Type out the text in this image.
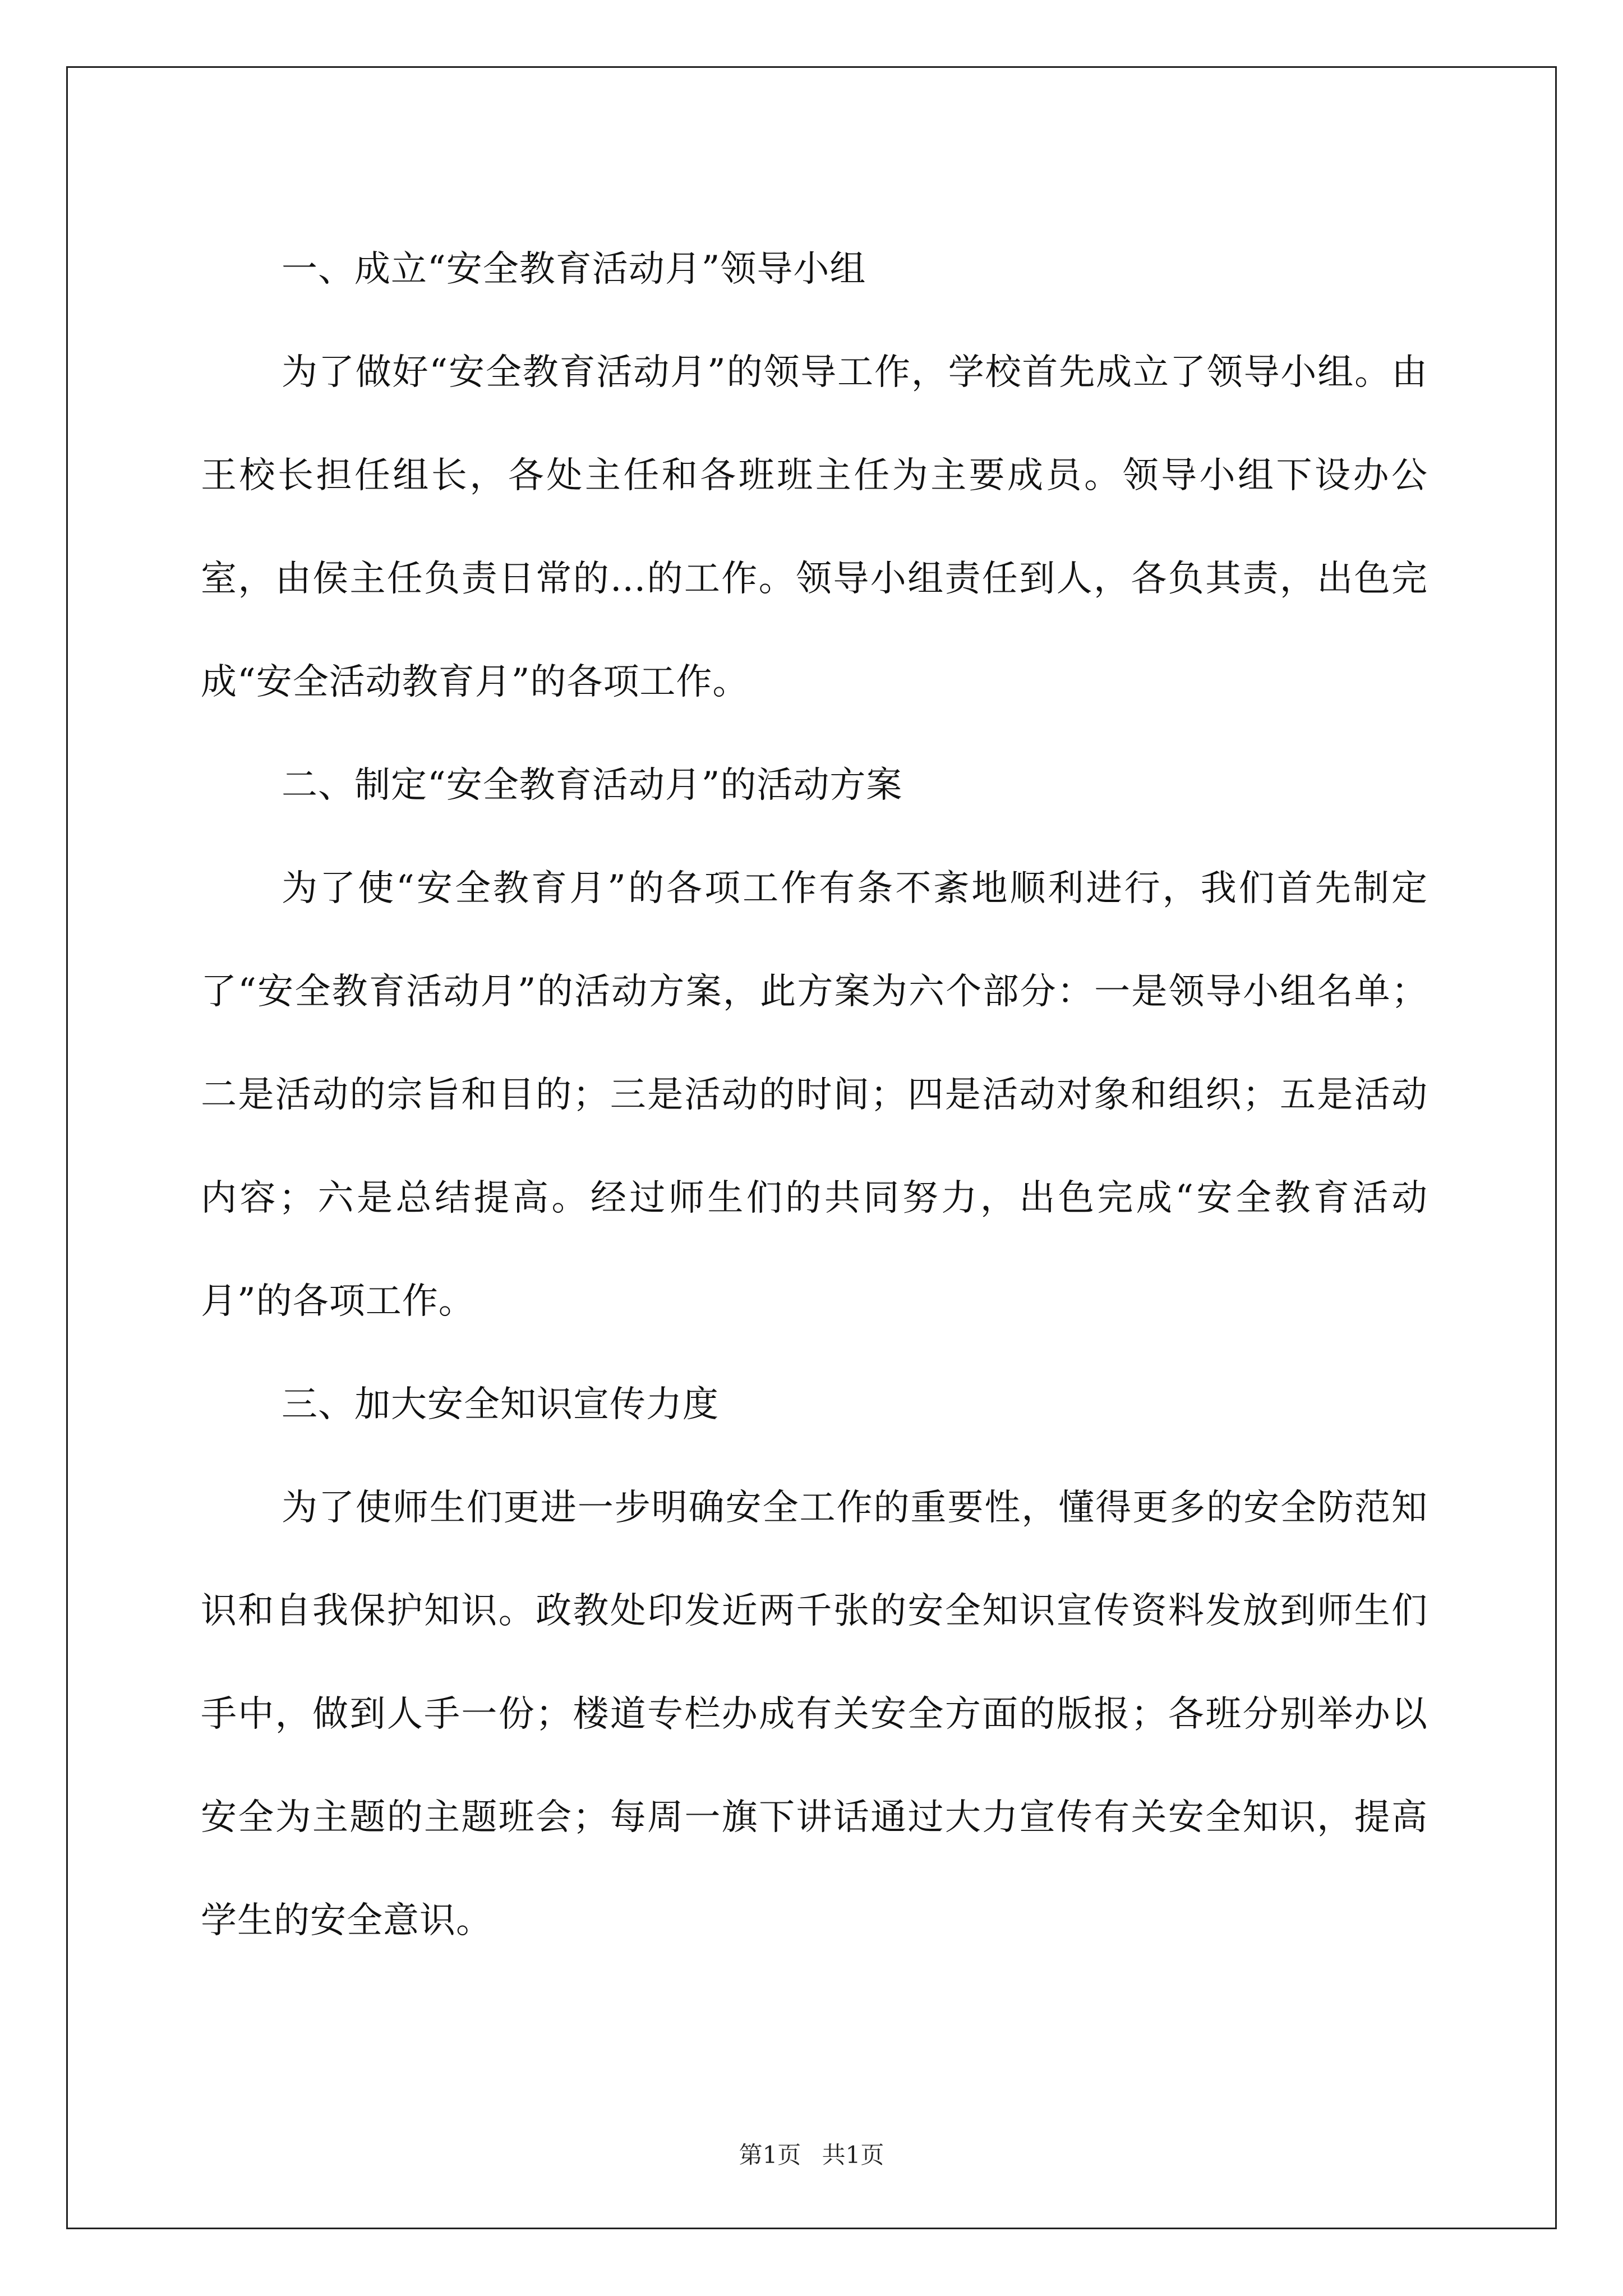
一、成立“安全教育活动月”领导小组

为了做好“安全教育活动月”的领导工作，学校首先成立了领导小组。由王校长担任组长，各处主任和各班班主任为主要成员。领导小组下设办公室，由侯主任负责日常的...的工作。领导小组责任到人，各负其责，出色完成“安全活动教育月”的各项工作。

二、制定“安全教育活动月”的活动方案

为了使“安全教育月”的各项工作有条不紊地顺利进行，我们首先制定了“安全教育活动月”的活动方案，此方案为六个部分：一是领导小组名单；二是活动的宗旨和目的；三是活动的时间；四是活动对象和组织；五是活动内容；六是总结提高。经过师生们的共同努力，出色完成“安全教育活动月”的各项工作。

三、加大安全知识宣传力度

为了使师生们更进一步明确安全工作的重要性，懂得更多的安全防范知识和自我保护知识。政教处印发近两千张的安全知识宣传资料发放到师生们手中，做到人手一份；楼道专栏办成有关安全方面的版报；各班分别举办以安全为主题的主题班会；每周一旗下讲话通过大力宣传有关安全知识，提高学生的安全意识。

第1页 共1页
